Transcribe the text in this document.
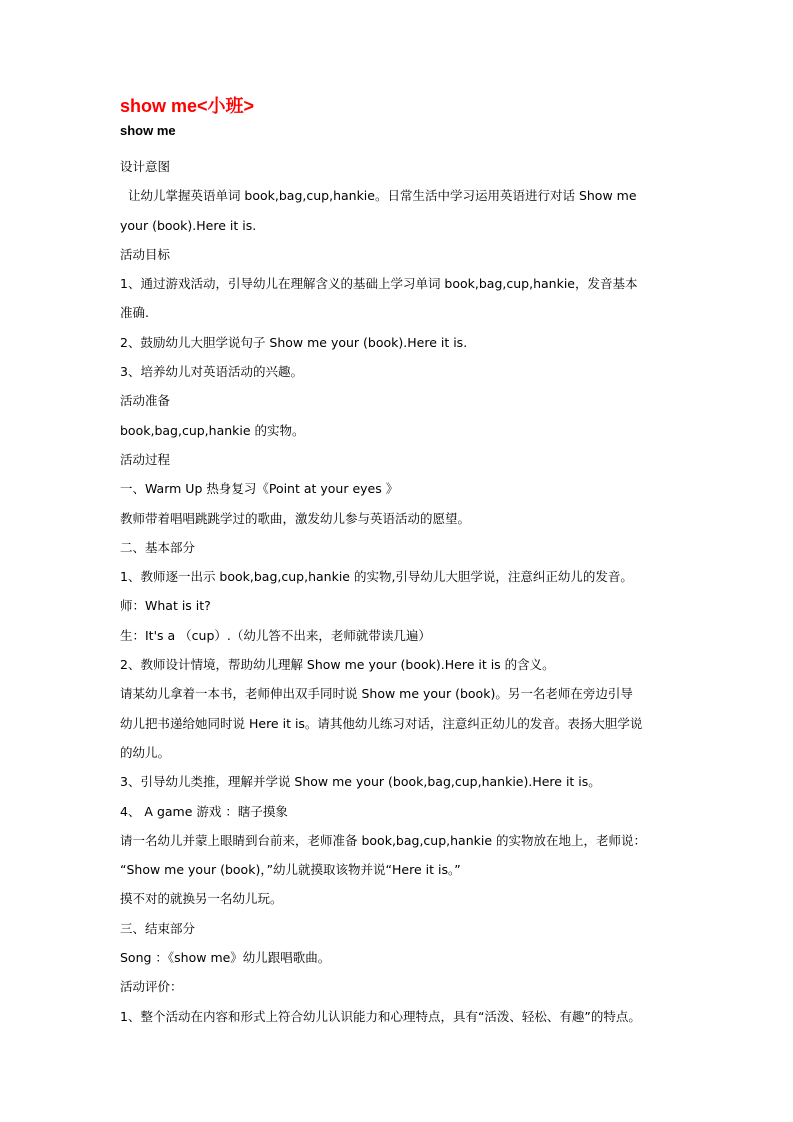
show me<小班>
show me

设计意图

让幼儿掌握英语单词 book,bag,cup,hankie。日常生活中学习运用英语进行对话 Show me

your (book).Here it is.

活动目标

1、通过游戏活动，引导幼儿在理解含义的基础上学习单词 book,bag,cup,hankie，发音基本

准确.

2、鼓励幼儿大胆学说句子 Show me your (book).Here it is.

3、培养幼儿对英语活动的兴趣。

活动准备

book,bag,cup,hankie 的实物。

活动过程

一、Warm Up 热身复习《Point at your eyes 》

教师带着唱唱跳跳学过的歌曲，激发幼儿参与英语活动的愿望。

二、基本部分

1、教师逐一出示 book,bag,cup,hankie 的实物,引导幼儿大胆学说，注意纠正幼儿的发音。

师：What is it?

生：It's a （cup）.（幼儿答不出来，老师就带读几遍）

2、教师设计情境，帮助幼儿理解 Show me your (book).Here it is 的含义。

请某幼儿拿着一本书，老师伸出双手同时说 Show me your (book)。另一名老师在旁边引导

幼儿把书递给她同时说 Here it is。请其他幼儿练习对话，注意纠正幼儿的发音。表扬大胆学说

的幼儿。

3、引导幼儿类推，理解并学说 Show me your (book,bag,cup,hankie).Here it is。

4、 A game 游戏 ：瞎子摸象

请一名幼儿并蒙上眼睛到台前来，老师准备 book,bag,cup,hankie 的实物放在地上，老师说：

“Show me your (book)，”幼儿就摸取该物并说“Here it is。”

摸不对的就换另一名幼儿玩。

三、结束部分

Song ：《show me》幼儿跟唱歌曲。

活动评价：

1、整个活动在内容和形式上符合幼儿认识能力和心理特点，具有“活泼、轻松、有趣”的特点。
